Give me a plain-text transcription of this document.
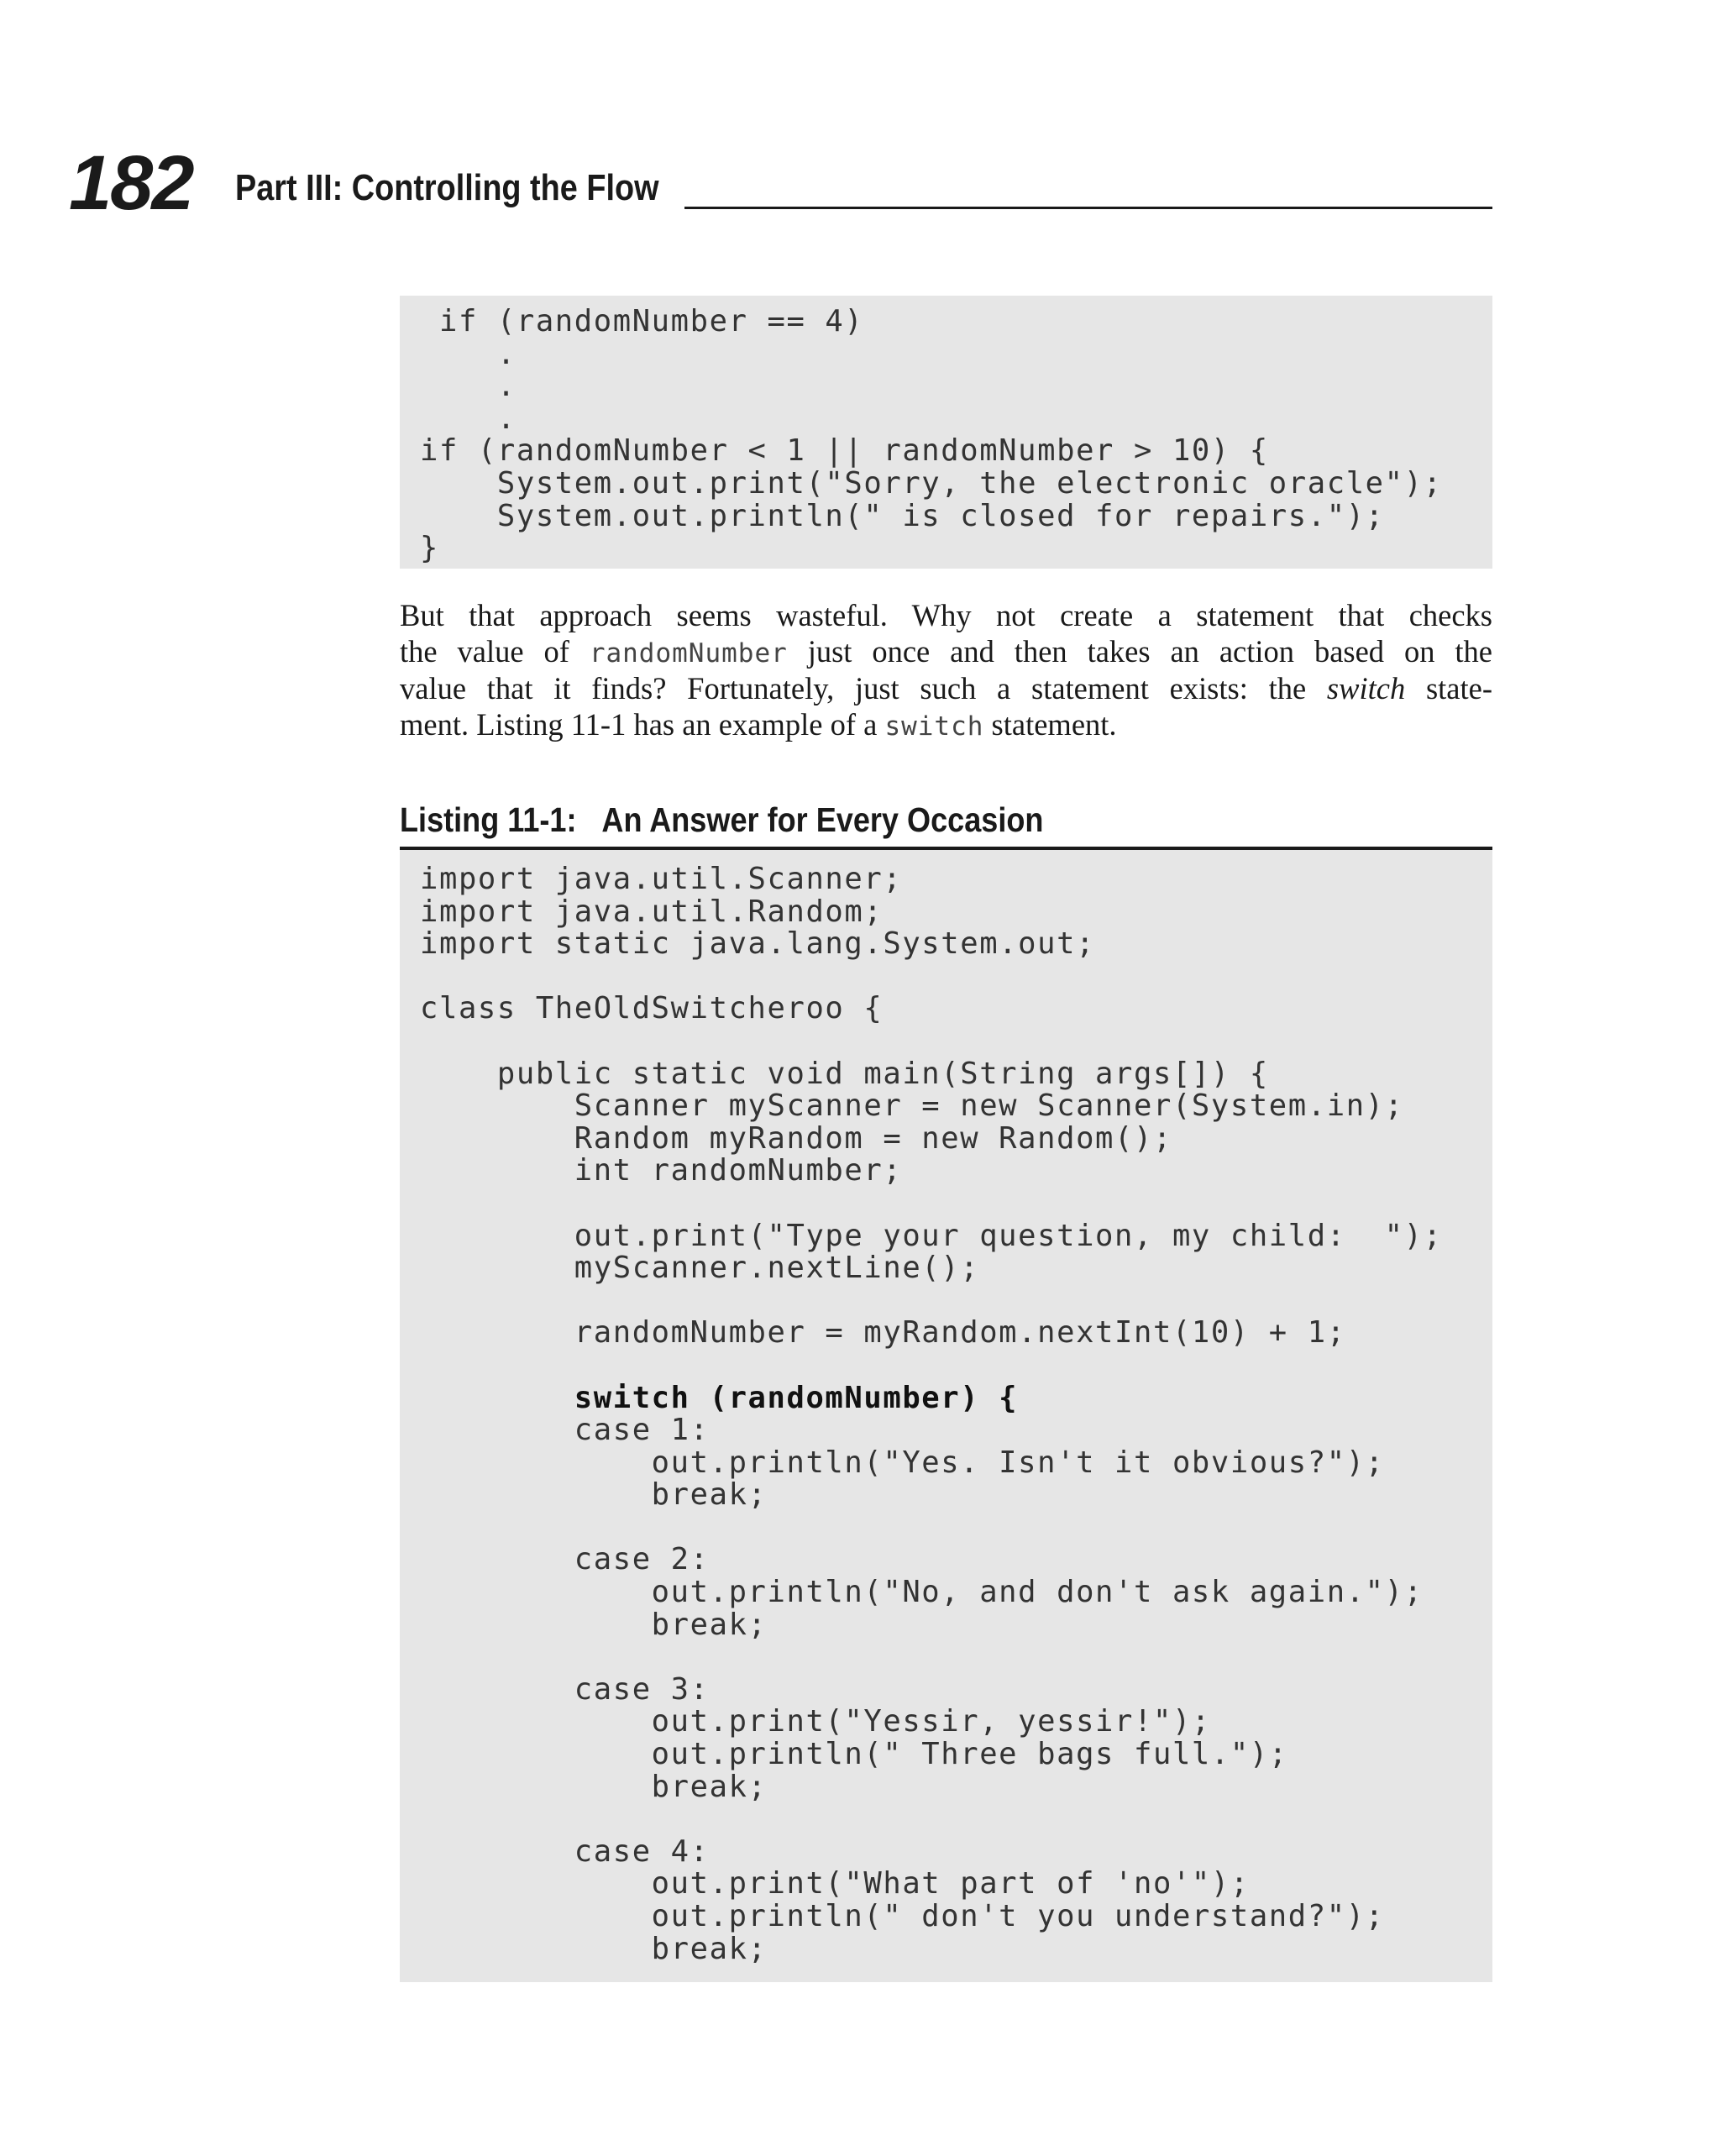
182 Part III: Controlling the Flow
if (randomNumber == 4)
.
.
.
if (randomNumber < 1 || randomNumber > 10) {
System.out.print("Sorry, the electronic oracle");
System.out.println(" is closed for repairs.");
}

But that approach seems wasteful. Why not create a statement that checks
the value of randomNumber just once and then takes an action based on the
value that it finds? Fortunately, just such a statement exists: the switch state-
ment. Listing 11-1 has an example of a switch statement.

Listing 11-1: An Answer for Every Occasion
import java.util.Scanner;
import java.util.Random;
import static java.lang.System.out;

class TheOldSwitcheroo {

public static void main(String args[]) {
Scanner myScanner = new Scanner(System.in);
Random myRandom = new Random();
int randomNumber;

out.print("Type your question, my child:  ");
myScanner.nextLine();

randomNumber = myRandom.nextInt(10) + 1;

switch (randomNumber) {
case 1:
out.println("Yes. Isn't it obvious?");
break;

case 2:
out.println("No, and don't ask again.");
break;

case 3:
out.print("Yessir, yessir!");
out.println(" Three bags full.");
break;

case 4:
out.print("What part of 'no'");
out.println(" don't you understand?");
break;
